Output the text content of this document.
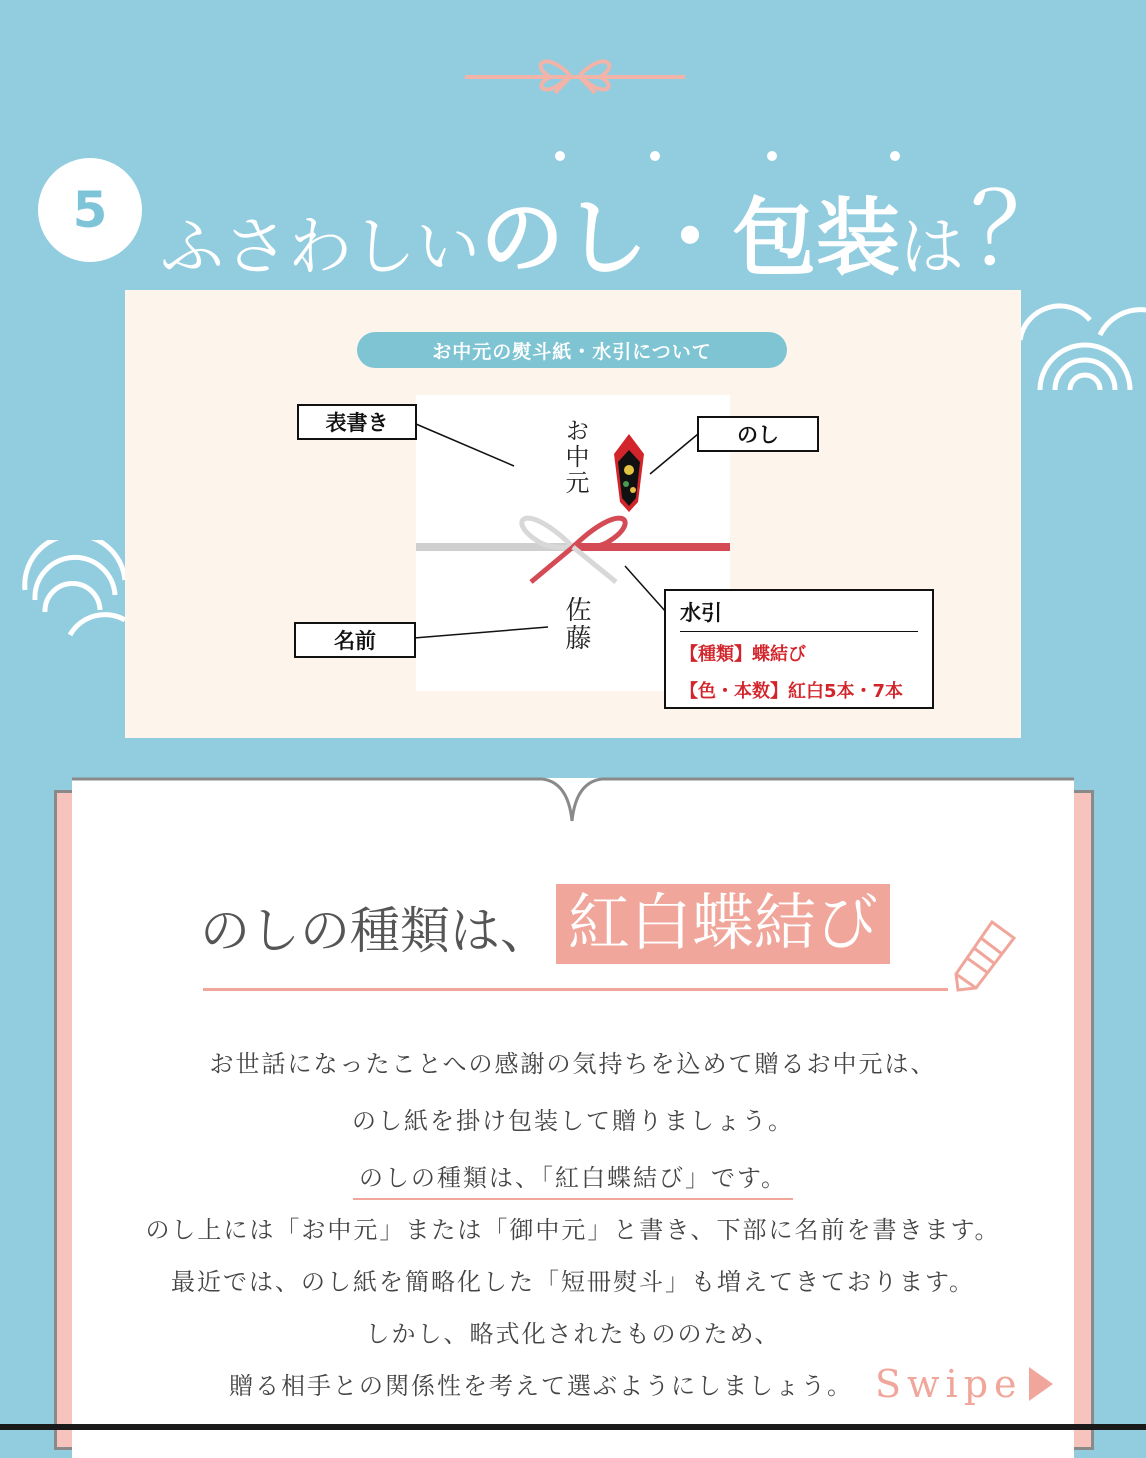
5
ふさわしい のし・包装 は ？
お中元の熨斗紙・水引について
お中元
佐藤
表書き	のし
名前
水引
【種類】蝶結び
【色・本数】紅白5本・7本
のしの種類は、 紅白蝶結び
お世話になったことへの感謝の気持ちを込めて贈るお中元は、
のし紙を掛け包装して贈りましょう。
のしの種類は、「紅白蝶結び」です。
のし上には「お中元」または「御中元」と書き、下部に名前を書きます。
最近では、のし紙を簡略化した「短冊熨斗」も増えてきております。
しかし、略式化されたもののため、
贈る相手との関係性を考えて選ぶようにしましょう。 Swipe
